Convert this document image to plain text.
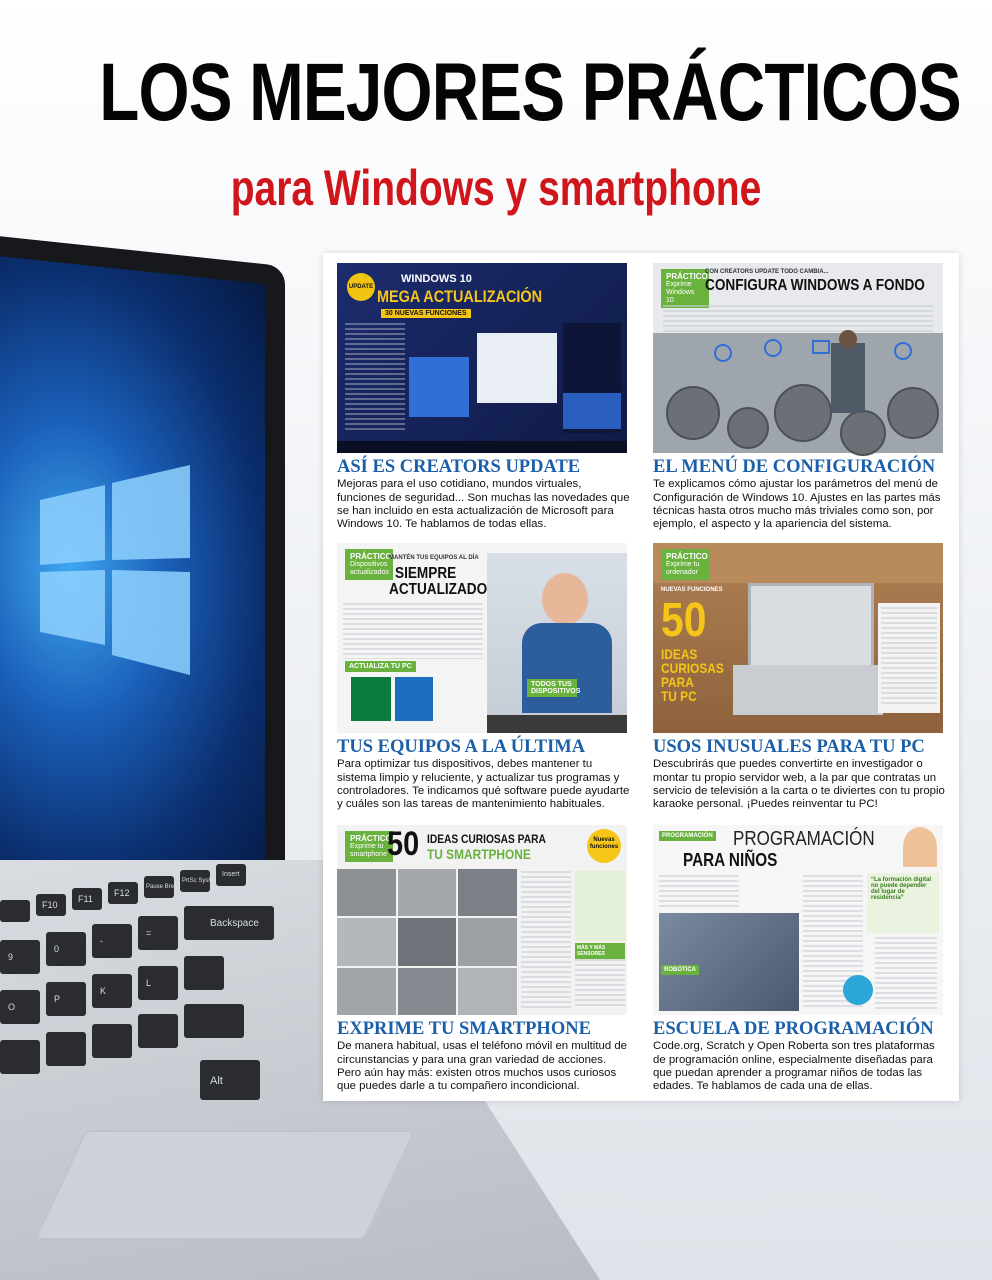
LOS MEJORES PRÁCTICOS
para Windows y smartphone
F10
F11
F12
Pause Break
PrtSc SysRq
Insert
Backspace
9
0
-
=
O
P
K
L
Alt
UPDATE
WINDOWS 10
MEGA ACTUALIZACIÓN
30 NUEVAS FUNCIONES
ASÍ ES CREATORS UPDATE
Mejoras para el uso cotidiano, mundos virtuales, funciones de seguridad... Son muchas las novedades que se han incluido en esta actualización de Microsoft para Windows 10. Te hablamos de todas ellas.
PRÁCTICO
Exprime Windows 10
CON CREATORS UPDATE TODO CAMBIA...
CONFIGURA WINDOWS A FONDO
EL MENÚ DE CONFIGURACIÓN
Te explicamos cómo ajustar los parámetros del menú de Configuración de Windows 10. Ajustes en las partes más técnicas hasta otros mucho más triviales como son, por ejemplo, el aspecto y la apariencia del sistema.
PRÁCTICO
Dispositivos actualizados
MANTÉN TUS EQUIPOS AL DÍA
SIEMPRE
ACTUALIZADO
ACTUALIZA TU PC
TODOS TUS DISPOSITIVOS
TUS EQUIPOS A LA ÚLTIMA
Para optimizar tus dispositivos, debes mantener tu sistema limpio y reluciente, y actualizar tus programas y controladores. Te indicamos qué software puede ayudarte y cuáles son las tareas de mantenimiento habituales.
PRÁCTICO
Exprime tu ordenador
NUEVAS FUNCIONES
50
IDEAS
CURIOSAS
PARA
TU PC
USOS INUSUALES PARA TU PC
Descubrirás que puedes convertirte en investigador o montar tu propio servidor web, a la par que contratas un servicio de televisión a la carta o te diviertes con tu propio karaoke personal. ¡Puedes reinventar tu PC!
PRÁCTICO
Exprime tu smartphone 50 IDEAS CURIOSAS PARA
TU SMARTPHONE
Nuevas funciones
MÁS Y MÁS SENSORES
EXPRIME TU SMARTPHONE
De manera habitual, usas el teléfono móvil en multitud de circunstancias y para una gran variedad de acciones. Pero aún hay más: existen otros muchos usos curiosos que puedes darle a tu compañero incondicional.
PROGRAMACIÓN PROGRAMACIÓN
PARA NIÑOS
ROBÓTICA
“La formación digital no puede depender del lugar de residencia”
ESCUELA DE PROGRAMACIÓN
Code.org, Scratch y Open Roberta son tres plataformas de programación online, especialmente diseñadas para que puedan aprender a programar niños de todas las edades. Te hablamos de cada una de ellas.
